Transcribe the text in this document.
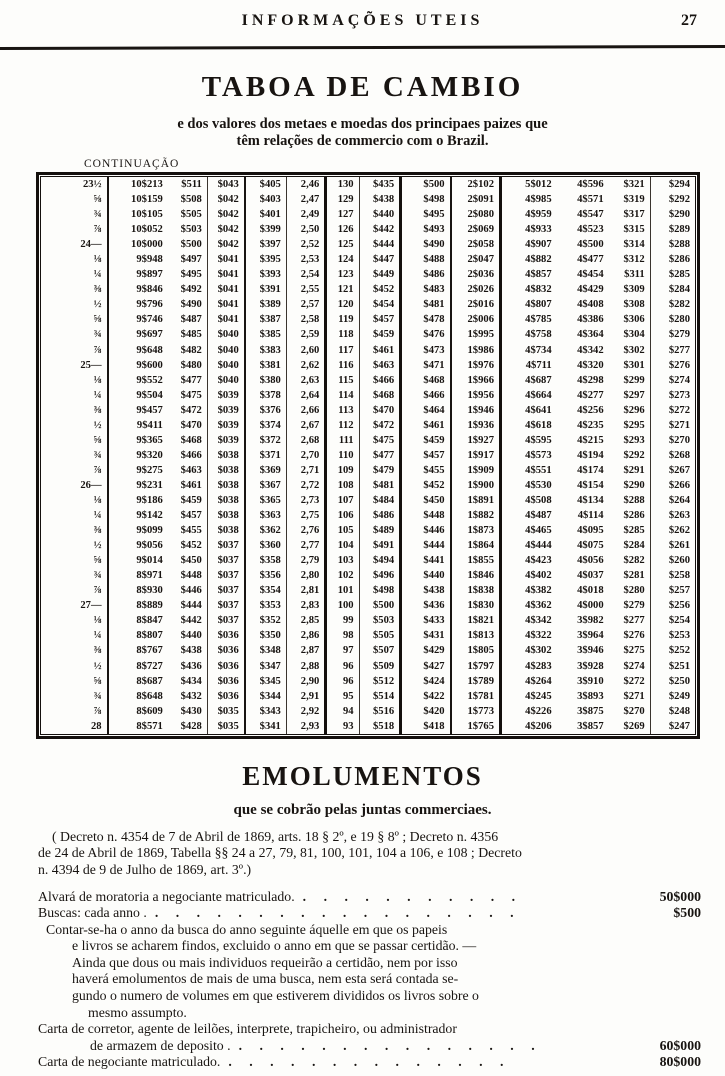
INFORMAÇÕES UTEIS	27
TABOA DE CAMBIO
e dos valores dos metaes e moedas dos principaes paizes que
têm relações de commercio com o Brazil.
CONTINUAÇÃO
23½	10$213	$511	$043	$405	2,46	130	$435	$500	2$102	5$012	4$596	$321	$294
⅝	10$159	$508	$042	$403	2,47	129	$438	$498	2$091	4$985	4$571	$319	$292
¾	10$105	$505	$042	$401	2,49	127	$440	$495	2$080	4$959	4$547	$317	$290
⅞	10$052	$503	$042	$399	2,50	126	$442	$493	2$069	4$933	4$523	$315	$289
24—	10$000	$500	$042	$397	2,52	125	$444	$490	2$058	4$907	4$500	$314	$288
⅛	9$948	$497	$041	$395	2,53	124	$447	$488	2$047	4$882	4$477	$312	$286
¼	9$897	$495	$041	$393	2,54	123	$449	$486	2$036	4$857	4$454	$311	$285
⅜	9$846	$492	$041	$391	2,55	121	$452	$483	2$026	4$832	4$429	$309	$284
½	9$796	$490	$041	$389	2,57	120	$454	$481	2$016	4$807	4$408	$308	$282
⅝	9$746	$487	$041	$387	2,58	119	$457	$478	2$006	4$785	4$386	$306	$280
¾	9$697	$485	$040	$385	2,59	118	$459	$476	1$995	4$758	4$364	$304	$279
⅞	9$648	$482	$040	$383	2,60	117	$461	$473	1$986	4$734	4$342	$302	$277
25—	9$600	$480	$040	$381	2,62	116	$463	$471	1$976	4$711	4$320	$301	$276
⅛	9$552	$477	$040	$380	2,63	115	$466	$468	1$966	4$687	4$298	$299	$274
¼	9$504	$475	$039	$378	2,64	114	$468	$466	1$956	4$664	4$277	$297	$273
⅜	9$457	$472	$039	$376	2,66	113	$470	$464	1$946	4$641	4$256	$296	$272
½	9$411	$470	$039	$374	2,67	112	$472	$461	1$936	4$618	4$235	$295	$271
⅝	9$365	$468	$039	$372	2,68	111	$475	$459	1$927	4$595	4$215	$293	$270
¾	9$320	$466	$038	$371	2,70	110	$477	$457	1$917	4$573	4$194	$292	$268
⅞	9$275	$463	$038	$369	2,71	109	$479	$455	1$909	4$551	4$174	$291	$267
26—	9$231	$461	$038	$367	2,72	108	$481	$452	1$900	4$530	4$154	$290	$266
⅛	9$186	$459	$038	$365	2,73	107	$484	$450	1$891	4$508	4$134	$288	$264
¼	9$142	$457	$038	$363	2,75	106	$486	$448	1$882	4$487	4$114	$286	$263
⅜	9$099	$455	$038	$362	2,76	105	$489	$446	1$873	4$465	4$095	$285	$262
½	9$056	$452	$037	$360	2,77	104	$491	$444	1$864	4$444	4$075	$284	$261
⅝	9$014	$450	$037	$358	2,79	103	$494	$441	1$855	4$423	4$056	$282	$260
¾	8$971	$448	$037	$356	2,80	102	$496	$440	1$846	4$402	4$037	$281	$258
⅞	8$930	$446	$037	$354	2,81	101	$498	$438	1$838	4$382	4$018	$280	$257
27—	8$889	$444	$037	$353	2,83	100	$500	$436	1$830	4$362	4$000	$279	$256
⅛	8$847	$442	$037	$352	2,85	99	$503	$433	1$821	4$342	3$982	$277	$254
¼	8$807	$440	$036	$350	2,86	98	$505	$431	1$813	4$322	3$964	$276	$253
⅜	8$767	$438	$036	$348	2,87	97	$507	$429	1$805	4$302	3$946	$275	$252
½	8$727	$436	$036	$347	2,88	96	$509	$427	1$797	4$283	3$928	$274	$251
⅝	8$687	$434	$036	$345	2,90	96	$512	$424	1$789	4$264	3$910	$272	$250
¾	8$648	$432	$036	$344	2,91	95	$514	$422	1$781	4$245	3$893	$271	$249
⅞	8$609	$430	$035	$343	2,92	94	$516	$420	1$773	4$226	3$875	$270	$248
28	8$571	$428	$035	$341	2,93	93	$518	$418	1$765	4$206	3$857	$269	$247
EMOLUMENTOS
que se cobrão pelas juntas commerciaes.
( Decreto n. 4354 de 7 de Abril de 1869, arts. 18 § 2º, e 19 § 8º ; Decreto n. 4356
de 24 de Abril de 1869, Tabella §§ 24 a 27, 79, 81, 100, 101, 104 a 106, e 108 ; Decreto
n. 4394 de 9 de Julho de 1869, art. 3º.)
Alvará de moratoria a negociante matriculado. . . . . . . . . . . .	50$000
Buscas: cada anno . . . . . . . . . . . . . . . . . . .	$500
Contar-se-ha o anno da busca do anno seguinte áquelle em que os papeis
e livros se acharem findos, excluido o anno em que se passar certidão. —
Ainda que dous ou mais individuos requeirão a certidão, nem por isso
haverá emolumentos de mais de uma busca, nem esta será contada se-
gundo o numero de volumes em que estiverem divididos os livros sobre o
mesmo assumpto.
Carta de corretor, agente de leilões, interprete, trapicheiro, ou administrador
de armazem de deposito . . . . . . . . . . . . . . . .	60$000
Carta de negociante matriculado. . . . . . . . . . . . . . .	80$000
